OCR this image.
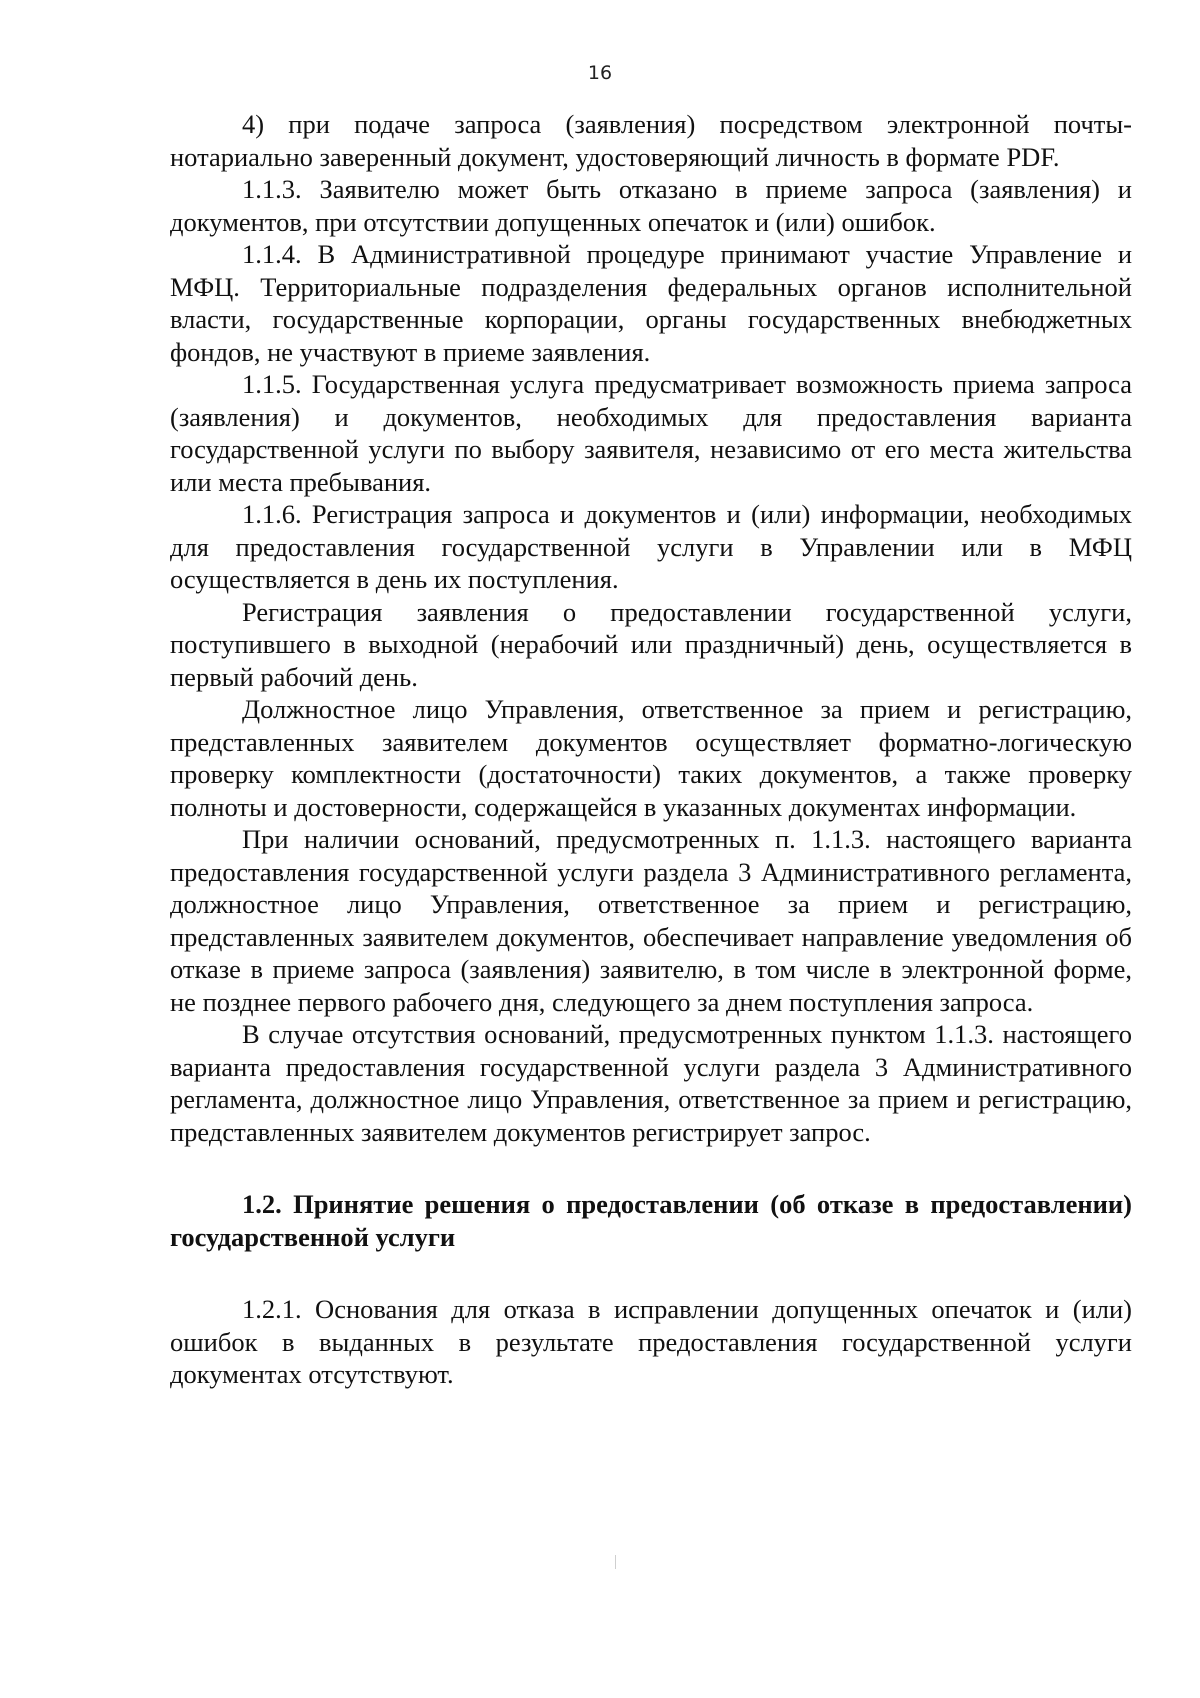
16

4) при подаче запроса (заявления) посредством электронной почты- нотариально заверенный документ, удостоверяющий личность в формате PDF.

1.1.3. Заявителю может быть отказано в приеме запроса (заявления) и документов, при отсутствии допущенных опечаток и (или) ошибок.

1.1.4. В Административной процедуре принимают участие Управление и МФЦ. Территориальные подразделения федеральных органов исполнительной власти, государственные корпорации, органы государственных внебюджетных фондов, не участвуют в приеме заявления.

1.1.5. Государственная услуга предусматривает возможность приема запроса (заявления) и документов, необходимых для предоставления варианта государственной услуги по выбору заявителя, независимо от его места жительства или места пребывания.

1.1.6. Регистрация запроса и документов и (или) информации, необходимых для предоставления государственной услуги в Управлении или в МФЦ осуществляется в день их поступления.

Регистрация заявления о предоставлении государственной услуги, поступившего в выходной (нерабочий или праздничный) день, осуществляется в первый рабочий день.

Должностное лицо Управления, ответственное за прием и регистрацию, представленных заявителем документов осуществляет форматно-логическую проверку комплектности (достаточности) таких документов, а также проверку полноты и достоверности, содержащейся в указанных документах информации.

При наличии оснований, предусмотренных п. 1.1.3. настоящего варианта предоставления государственной услуги раздела 3 Административного регламента, должностное лицо Управления, ответственное за прием и регистрацию, представленных заявителем документов, обеспечивает направление уведомления об отказе в приеме запроса (заявления) заявителю, в том числе в электронной форме, не позднее первого рабочего дня, следующего за днем поступления запроса.

В случае отсутствия оснований, предусмотренных пунктом 1.1.3. настоящего варианта предоставления государственной услуги раздела 3 Административного регламента, должностное лицо Управления, ответственное за прием и регистрацию, представленных заявителем документов регистрирует запрос.

1.2. Принятие решения о предоставлении (об отказе в предоставлении) государственной услуги

1.2.1. Основания для отказа в исправлении допущенных опечаток и (или) ошибок в выданных в результате предоставления государственной услуги документах отсутствуют.
